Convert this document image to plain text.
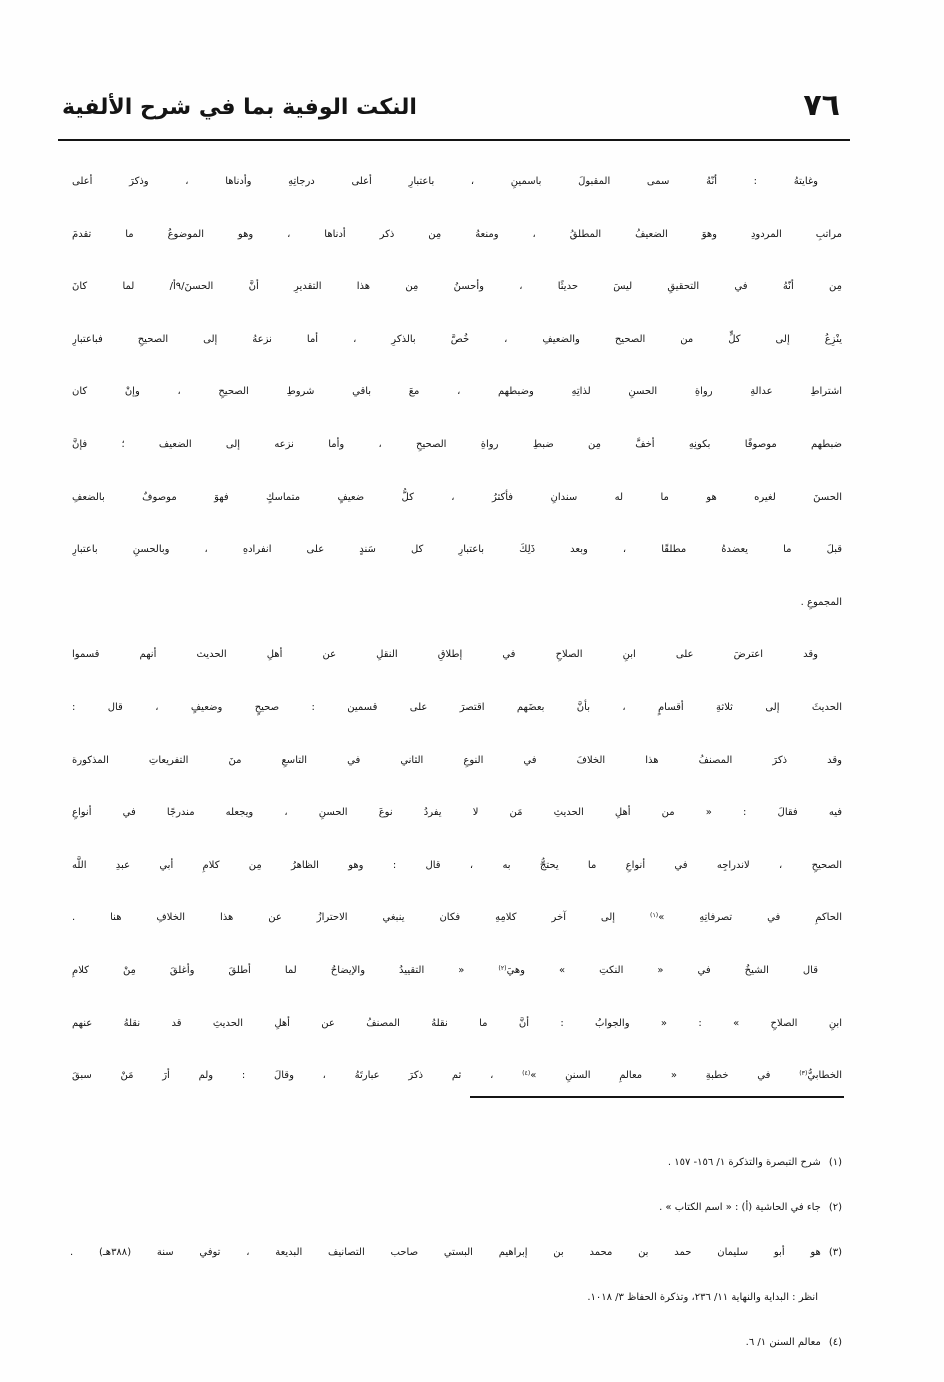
٧٦
النكت الوفية بما في شرح الألفية
وغايتهُ : أنّهُ سمى المقبولَ باسمينِ ، باعتبارِ أعلى درجاتِهِ وأدناها ، وذكرَ أعلى
مراتبِ المردودِ وهوَ الضعيفُ المطلقُ ، ومنعهُ مِن ذكر أدناها ، وهو الموضوعُ ما تقدمَ
مِن أنّهُ في التحقيقِ ليسَ حديثًا ، وأحسنُ مِن هذا التقديرِ أنَّ الحسنَ/٩أ/ لما كانَ
ينْزِعُ إلى كلٍّ من الصحيح والضعيفِ ، خُصَّ بالذكرِ ، أما نزعهُ إلى الصحيحِ فباعتبارِ
اشتراطِ عدالةِ رواةِ الحسنِ لذاتِهِ وضبطهم ، معَ باقي شروطِ الصحيحِ ، وإنْ كان
ضبطهم موصوفًا بكونِهِ أخفَّ مِن ضبطِ رواةِ الصحيحِ ، وأما نزعه إلى الضعيف ؛ فإنَّ
الحسنَ لغيره هو ما له سندانِ فأكثرُ ، كلُّ ضعيفٍ متماسكٍ فهوَ موصوفٌ بالضعفِ
قبلَ ما يعضدهُ مطلقًا ، وبعد ذَلِكَ باعتبارِ كل سَندٍ على انفرادهِ ، وبالحسنِ باعتبارِ
المجموعِ .
وقد اعترضَ على ابنِ الصلاحِ في إطلاقِ النقلِ عن أهلِ الحديث أنهم قسموا
الحديثَ إلى ثلاثةِ أقسامٍ ، بأنَّ بعضَهم اقتصرَ على قسمين : صحيحٍ وضعيفٍ ، قال :
وقد ذكرَ المصنفُ هذا الخلافَ في النوعِ الثاني في التاسعِ منَ التفريعاتِ المذكورة
فيه فقالَ : « من أهلِ الحديثِ مَن لا يفردُ نوعَ الحسنِ ، ويجعله مندرجًا في أنواعِ
الصحيحِ ، لاندراجِه في أنواعِ ما يحتجُّ به ، قال : وهو الظاهرُ مِن كلامِ أبي عبدِ اللَّه
الحاكمِ في تصرفاتِهِ »$^{(١)}$ إلى آخر كلامِهِ فكان ينبغي الاحترازُ عن هذا الخلافِ هنا .
قال الشيخُ في « النكتِ » وهيَ$^{(٢)}$ « التقييدُ والإيضاحُ لما أطلقَ وأغلقَ مِنْ كلامِ
ابنِ الصلاحِ » : « والجوابُ : أنَّ ما نقلهُ المصنفُ عن أهلِ الحديثِ قد نقلهُ عنهم
الخطابيُّ$^{(٣)}$ في خطبةِ « معالمِ السننِ »$^{(٤)}$ ، ثم ذكرَ عبارتَهُ ، وقالَ : ولم أرَ مَنْ سبقَ
(١)شرح التبصرة والتذكرة ١/ ١٥٦- ١٥٧ .
(٢)جاء في الحاشية (أ) : « اسم الكتاب » .
(٣)هو أبو سليمان حمد بن محمد بن إبراهيم البستي صاحب التصانيف البديعة ، توفي سنة (٣٨٨هـ) .
انظر : البداية والنهاية ١١/ ٢٣٦، وتذكرة الحفاظ ٣/ ١٠١٨.
(٤)معالم السنن ١/ ٦.
